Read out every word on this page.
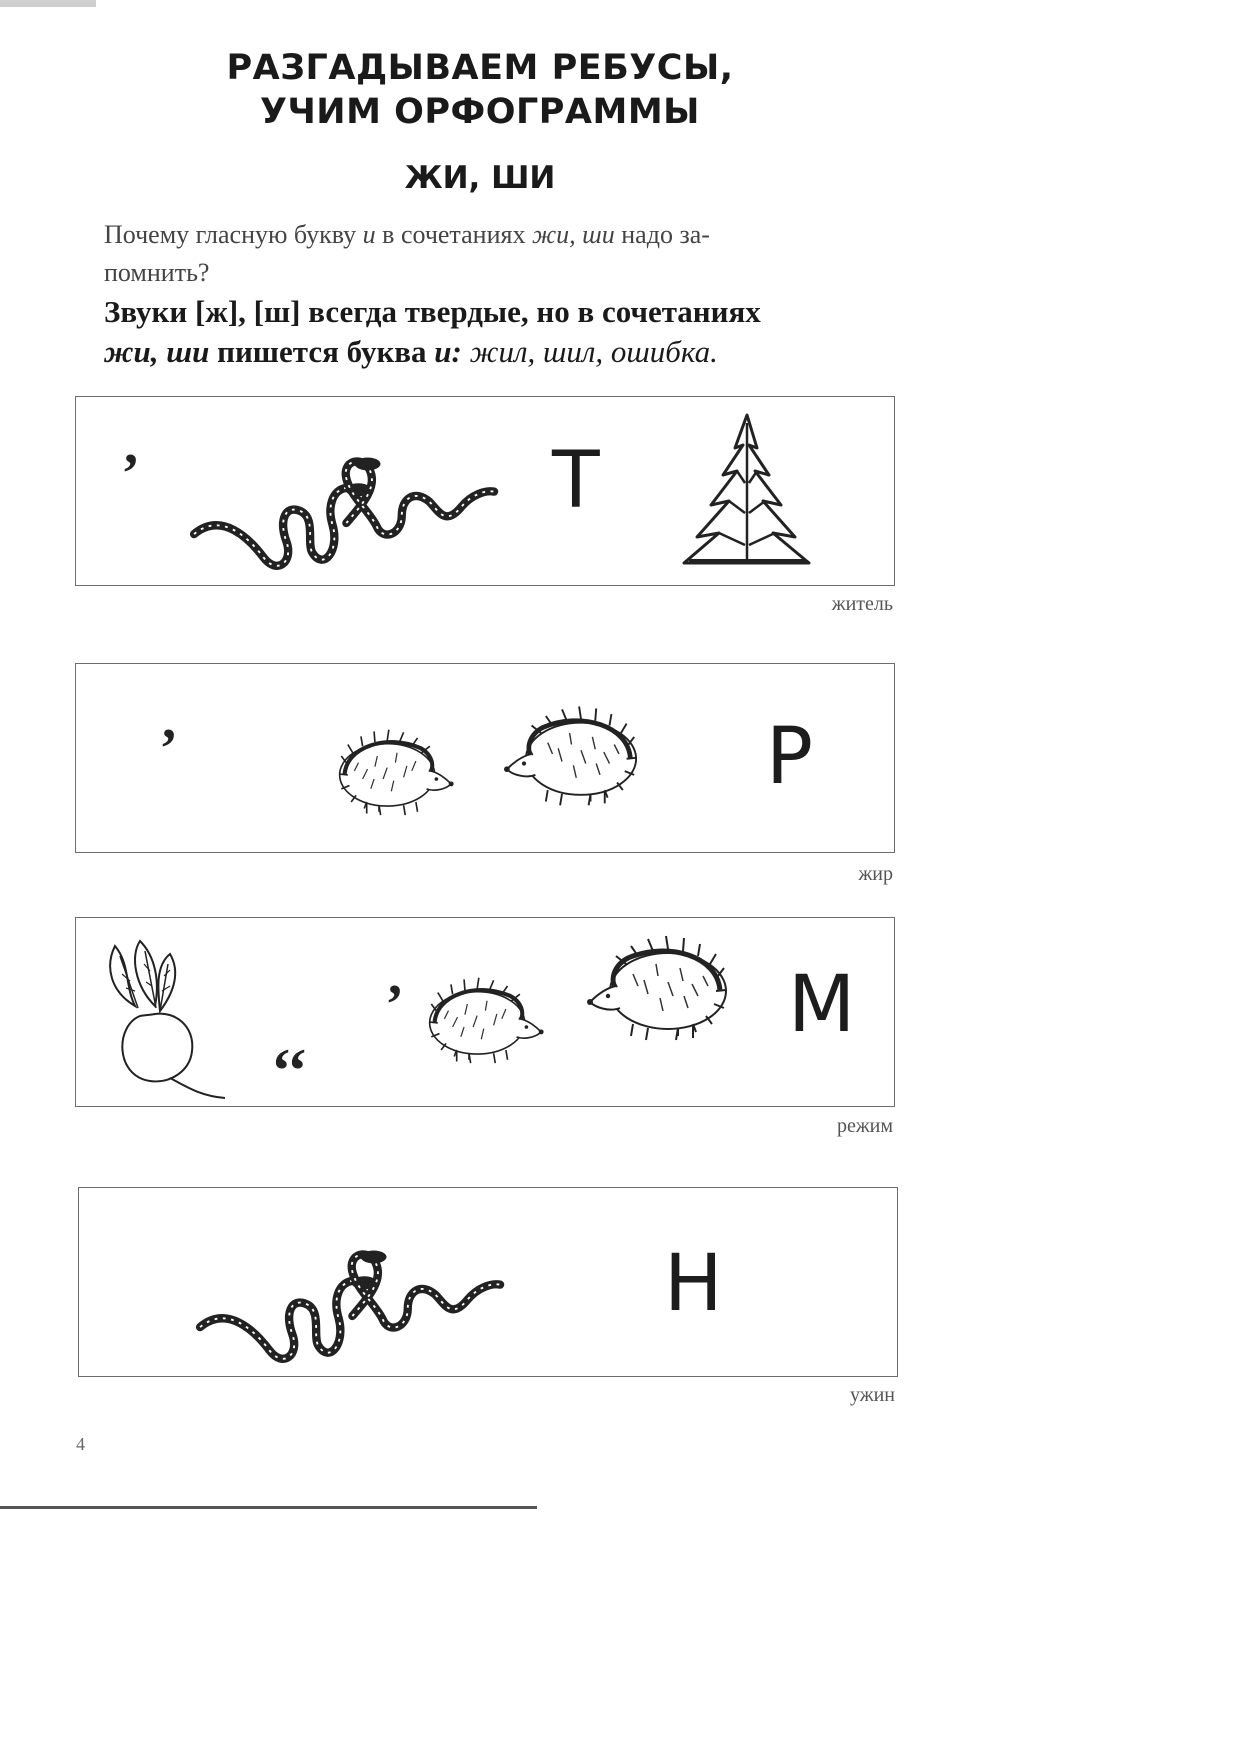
РАЗГАДЫВАЕМ РЕБУСЫ,
УЧИМ ОРФОГРАММЫ
ЖИ, ШИ
Почему гласную букву и в сочетаниях жи, ши надо за-
помнить?
Звуки [ж], [ш] всегда твердые, но в сочетаниях
жи, ши пишется буква и: жил, шил, ошибка.
,	Т
житель
,	Р
жир
‘‘
,	М
режим
Н
ужин
4
